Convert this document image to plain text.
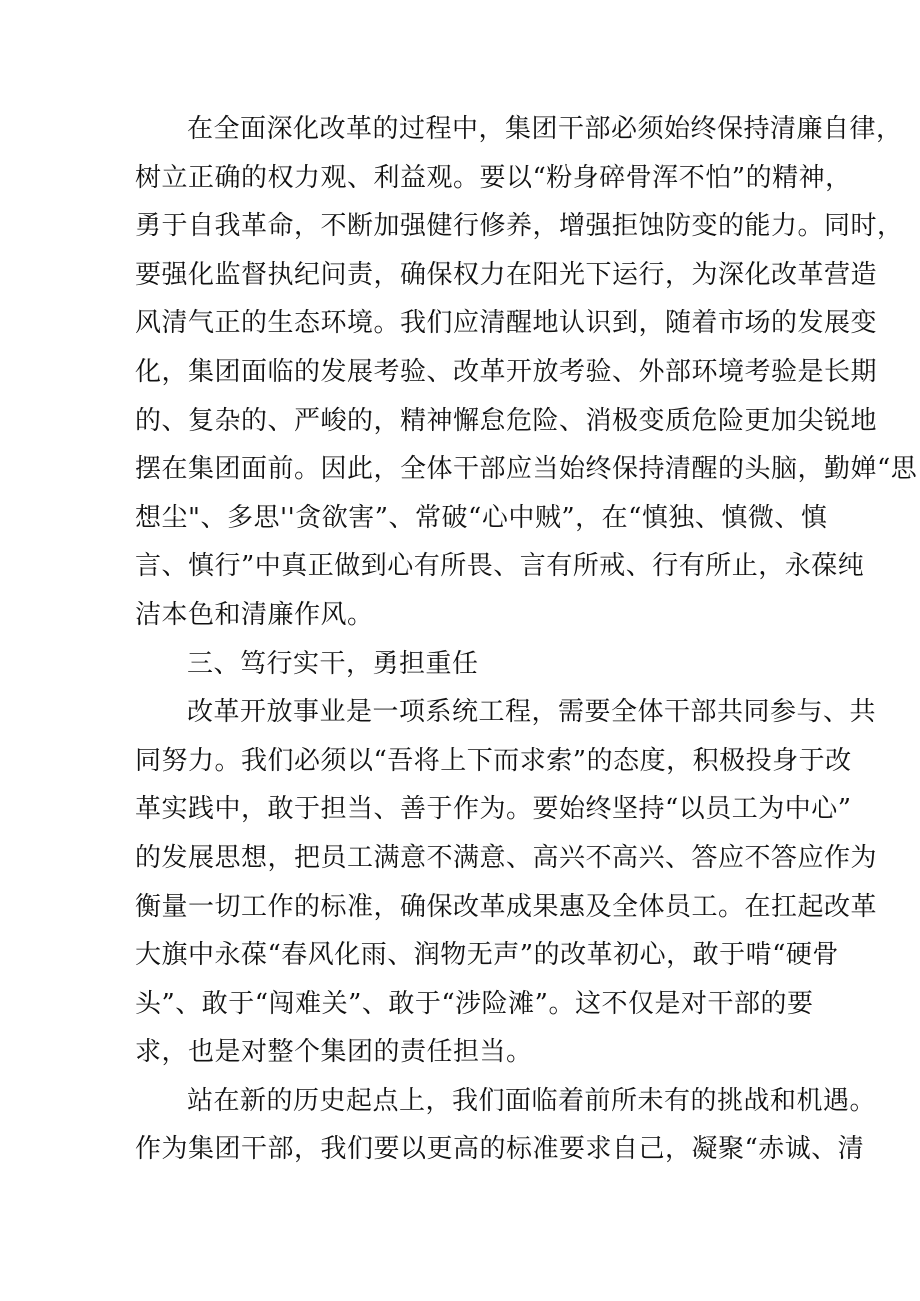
在全面深化改革的过程中，集团干部必须始终保持清廉自律，
树立正确的权力观、利益观。要以“粉身碎骨浑不怕”的精神，
勇于自我革命，不断加强健行修养，增强拒蚀防变的能力。同时，
要强化监督执纪问责，确保权力在阳光下运行，为深化改革营造
风清气正的生态环境。我们应清醒地认识到，随着市场的发展变
化，集团面临的发展考验、改革开放考验、外部环境考验是长期
的、复杂的、严峻的，精神懈怠危险、消极变质危险更加尖锐地
摆在集团面前。因此，全体干部应当始终保持清醒的头脑，勤婵“思
想尘"、多思''贪欲害”、常破“心中贼”，在“慎独、慎微、慎
言、慎行”中真正做到心有所畏、言有所戒、行有所止，永葆纯
洁本色和清廉作风。
三、笃行实干，勇担重任
改革开放事业是一项系统工程，需要全体干部共同参与、共
同努力。我们必须以“吾将上下而求索”的态度，积极投身于改
革实践中，敢于担当、善于作为。要始终坚持“以员工为中心”
的发展思想，把员工满意不满意、高兴不高兴、答应不答应作为
衡量一切工作的标准，确保改革成果惠及全体员工。在扛起改革
大旗中永葆“春风化雨、润物无声”的改革初心，敢于啃“硬骨
头”、敢于“闯难关”、敢于“涉险滩”。这不仅是对干部的要
求，也是对整个集团的责任担当。
站在新的历史起点上，我们面临着前所未有的挑战和机遇。
作为集团干部，我们要以更高的标准要求自己，凝聚“赤诚、清
